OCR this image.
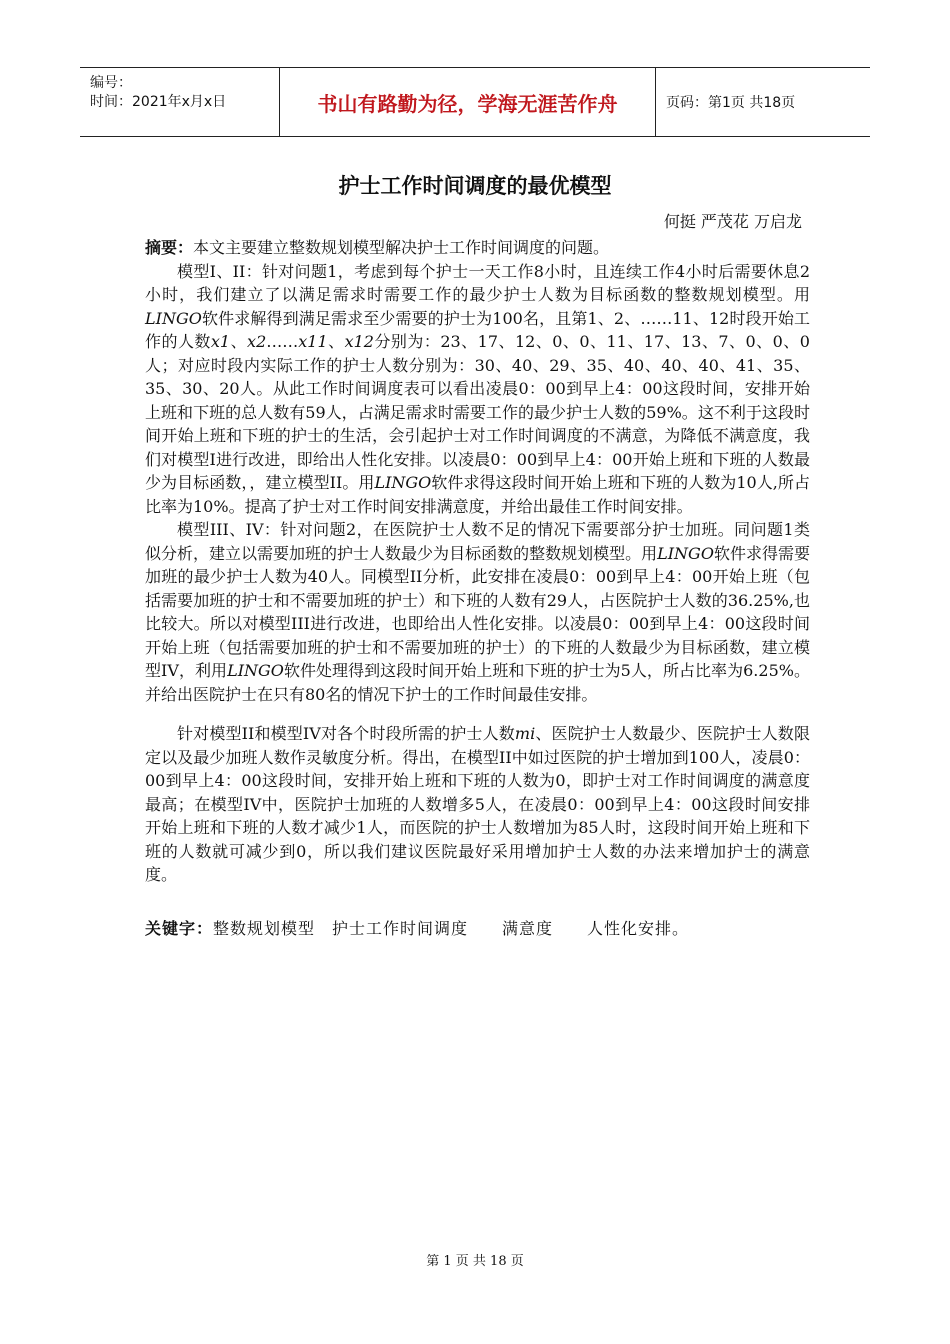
编号：
时间：2021年x月x日	书山有路勤为径，学海无涯苦作舟	页码：第1页 共18页
护士工作时间调度的最优模型
何挺 严茂花 万启龙

摘要：本文主要建立整数规划模型解决护士工作时间调度的问题。

模型I、II：针对问题1，考虑到每个护士一天工作8小时，且连续工作4小时后需要休息2小时，我们建立了以满足需求时需要工作的最少护士人数为目标函数的整数规划模型。用LINGO软件求解得到满足需求至少需要的护士为100名，且第1、2、……11、12时段开始工作的人数x1、x2……x11、x12分别为：23、17、12、0、0、11、17、13、7、0、0、0人；对应时段内实际工作的护士人数分别为：30、40、29、35、40、40、40、41、35、35、30、20人。从此工作时间调度表可以看出凌晨0：00到早上4：00这段时间，安排开始上班和下班的总人数有59人，占满足需求时需要工作的最少护士人数的59%。这不利于这段时间开始上班和下班的护士的生活，会引起护士对工作时间调度的不满意，为降低不满意度，我们对模型I进行改进，即给出人性化安排。以凌晨0：00到早上4：00开始上班和下班的人数最少为目标函数，，建立模型II。用LINGO软件求得这段时间开始上班和下班的人数为10人,所占比率为10%。提高了护士对工作时间安排满意度，并给出最佳工作时间安排。

模型III、IV：针对问题2，在医院护士人数不足的情况下需要部分护士加班。同问题1类似分析，建立以需要加班的护士人数最少为目标函数的整数规划模型。用LINGO软件求得需要加班的最少护士人数为40人。同模型II分析，此安排在凌晨0：00到早上4：00开始上班（包括需要加班的护士和不需要加班的护士）和下班的人数有29人，占医院护士人数的36.25%,也比较大。所以对模型III进行改进，也即给出人性化安排。以凌晨0：00到早上4：00这段时间开始上班（包括需要加班的护士和不需要加班的护士）的下班的人数最少为目标函数，建立模型IV，利用LINGO软件处理得到这段时间开始上班和下班的护士为5人，所占比率为6.25%。并给出医院护士在只有80名的情况下护士的工作时间最佳安排。

针对模型II和模型IV对各个时段所需的护士人数mi、医院护士人数最少、医院护士人数限定以及最少加班人数作灵敏度分析。得出，在模型II中如过医院的护士增加到100人，凌晨0：00到早上4：00这段时间，安排开始上班和下班的人数为0，即护士对工作时间调度的满意度最高；在模型IV中，医院护士加班的人数增多5人，在凌晨0：00到早上4：00这段时间安排开始上班和下班的人数才减少1人，而医院的护士人数增加为85人时，这段时间开始上班和下班的人数就可减少到0，所以我们建议医院最好采用增加护士人数的办法来增加护士的满意度。

关键字：整数规划模型　护士工作时间调度　　满意度　　人性化安排。

第 1 页 共 18 页
